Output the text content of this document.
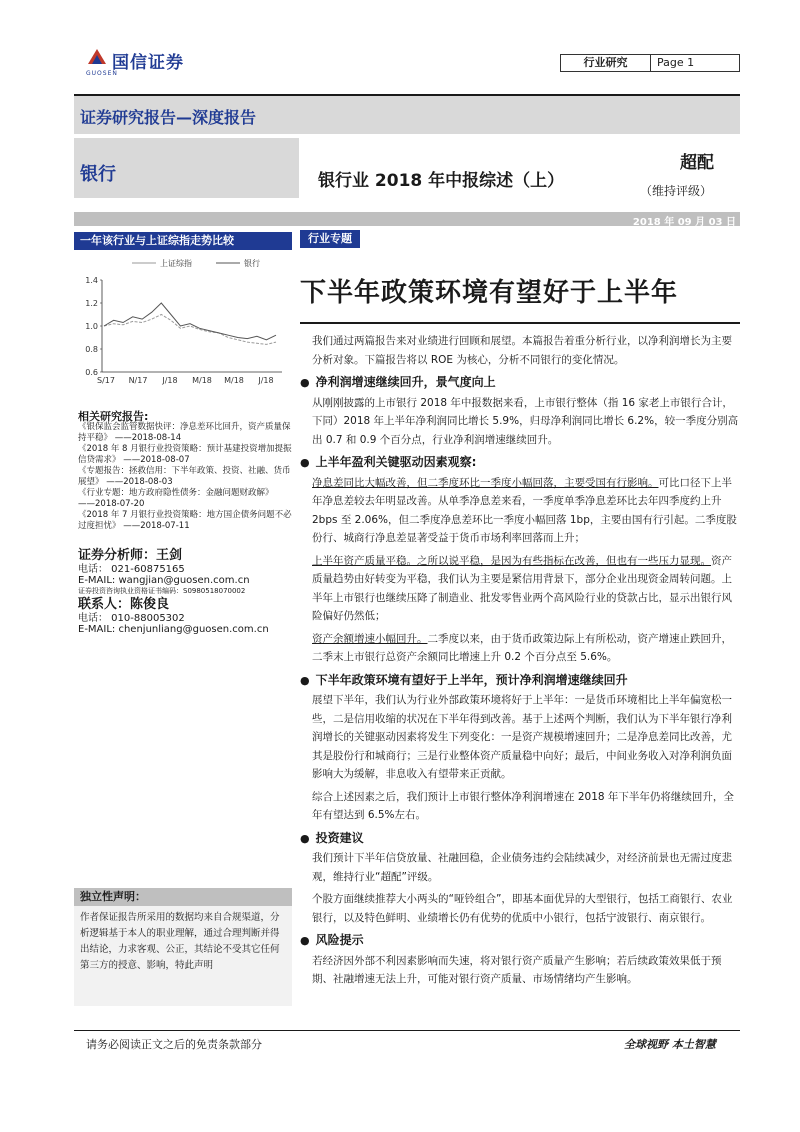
国信证券
GUOSEN
行业研究	Page 1
证券研究报告—深度报告
银行	银行业 2018 年中报综述（上）
超配
（维持评级）
2018 年 09 月 03 日
一年该行业与上证综指走势比较
1.4
1.2
1.0
0.8
0.6
S/17 N/17 J/18 M/18 M/18 J/18
上证综指	银行
相关研究报告:
《银保监会监管数据快评：净息差环比回升，资产质量保持平稳》 ——2018-08-14
《2018 年 8 月银行业投资策略：预计基建投资增加提振信贷需求》 ——2018-08-07
《专题报告：拯救信用：下半年政策、投资、社融、货币展望》 ——2018-08-03
《行业专题：地方政府隐性债务：金融问题财政解》 ——2018-07-20
《2018 年 7 月银行业投资策略：地方国企债务问题不必过度担忧》 ——2018-07-11
证券分析师：王剑
电话： 021-60875165
E-MAIL: wangjian@guosen.com.cn
证券投资咨询执业资格证书编码：S0980518070002
联系人：陈俊良
电话： 010-88005302
E-MAIL: chenjunliang@guosen.com.cn
独立性声明：
作者保证报告所采用的数据均来自合规渠道，分析逻辑基于本人的职业理解，通过合理判断并得出结论，力求客观、公正，其结论不受其它任何第三方的授意、影响，特此声明
行业专题
下半年政策环境有望好于上半年

我们通过两篇报告来对业绩进行回顾和展望。本篇报告着重分析行业，以净利润增长为主要分析对象。下篇报告将以 ROE 为核心，分析不同银行的变化情况。

● 净利润增速继续回升，景气度向上

从刚刚披露的上市银行 2018 年中报数据来看，上市银行整体（指 16 家老上市银行合计，下同）2018 年上半年净利润同比增长 5.9%，归母净利润同比增长 6.2%，较一季度分别高出 0.7 和 0.9 个百分点，行业净利润增速继续回升。

● 上半年盈利关键驱动因素观察:

净息差同比大幅改善，但二季度环比一季度小幅回落，主要受国有行影响。可比口径下上半年净息差较去年明显改善。从单季净息差来看，一季度单季净息差环比去年四季度约上升 2bps 至 2.06%，但二季度净息差环比一季度小幅回落 1bp，主要由国有行引起。二季度股份行、城商行净息差显著受益于货币市场利率回落而上升；

上半年资产质量平稳。之所以说平稳，是因为有些指标在改善，但也有一些压力显现。资产质量趋势由好转变为平稳，我们认为主要是紧信用背景下，部分企业出现资金周转问题。上半年上市银行也继续压降了制造业、批发零售业两个高风险行业的贷款占比，显示出银行风险偏好仍然低；

资产余额增速小幅回升。二季度以来，由于货币政策边际上有所松动，资产增速止跌回升，二季末上市银行总资产余额同比增速上升 0.2 个百分点至 5.6%。

● 下半年政策环境有望好于上半年，预计净利润增速继续回升

展望下半年，我们认为行业外部政策环境将好于上半年：一是货币环境相比上半年偏宽松一些，二是信用收缩的状况在下半年得到改善。基于上述两个判断，我们认为下半年银行净利润增长的关键驱动因素将发生下列变化：一是资产规模增速回升；二是净息差同比改善，尤其是股份行和城商行；三是行业整体资产质量稳中向好；最后，中间业务收入对净利润负面影响大为缓解，非息收入有望带来正贡献。

综合上述因素之后，我们预计上市银行整体净利润增速在 2018 年下半年仍将继续回升，全年有望达到 6.5%左右。

● 投资建议

我们预计下半年信贷放量、社融回稳，企业债务违约会陆续减少，对经济前景也无需过度悲观，维持行业“超配”评级。

个股方面继续推荐大小两头的“哑铃组合”，即基本面优异的大型银行，包括工商银行、农业银行，以及特色鲜明、业绩增长仍有优势的优质中小银行，包括宁波银行、南京银行。

● 风险提示

若经济因外部不利因素影响而失速，将对银行资产质量产生影响；若后续政策效果低于预期、社融增速无法上升，可能对银行资产质量、市场情绪均产生影响。

请务必阅读正文之后的免责条款部分	全球视野 本土智慧
